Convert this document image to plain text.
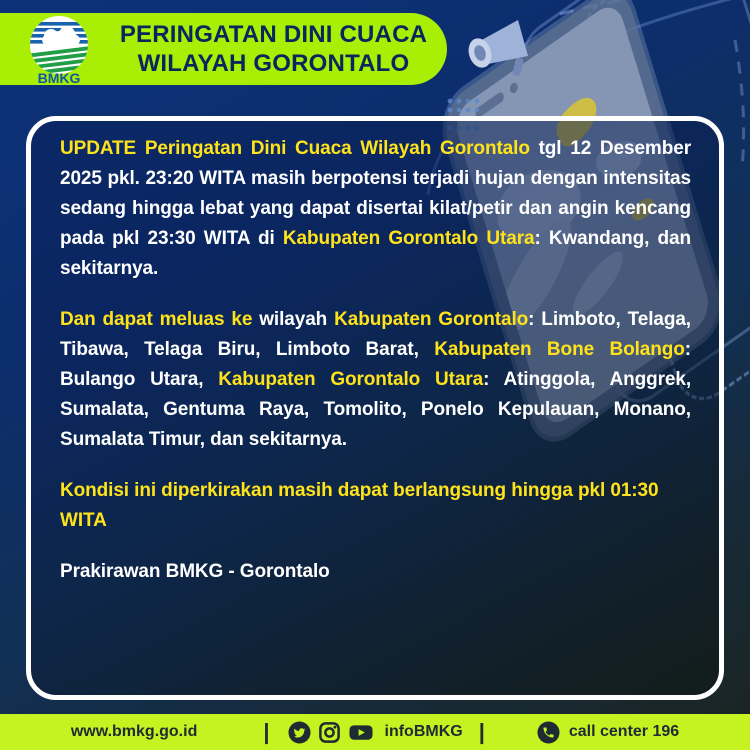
BMKG
PERINGATAN DINI CUACA
WILAYAH GORONTALO

UPDATE Peringatan Dini Cuaca Wilayah Gorontalo tgl 12 Desember 2025 pkl. 23:20 WITA masih berpotensi terjadi hujan dengan intensitas sedang hingga lebat yang dapat disertai kilat/petir dan angin kencang pada pkl 23:30 WITA di Kabupaten Gorontalo Utara: Kwandang, dan sekitarnya.

Dan dapat meluas ke wilayah Kabupaten Gorontalo: Limboto, Telaga, Tibawa, Telaga Biru, Limboto Barat, Kabupaten Bone Bolango: Bulango Utara, Kabupaten Gorontalo Utara: Atinggola, Anggrek, Sumalata, Gentuma Raya, Tomolito, Ponelo Kepulauan, Monano, Sumalata Timur, dan sekitarnya.

Kondisi ini diperkirakan masih dapat berlangsung hingga pkl 01:30 WITA

Prakirawan BMKG - Gorontalo

www.bmkg.go.id	|	infoBMKG |	call center 196
